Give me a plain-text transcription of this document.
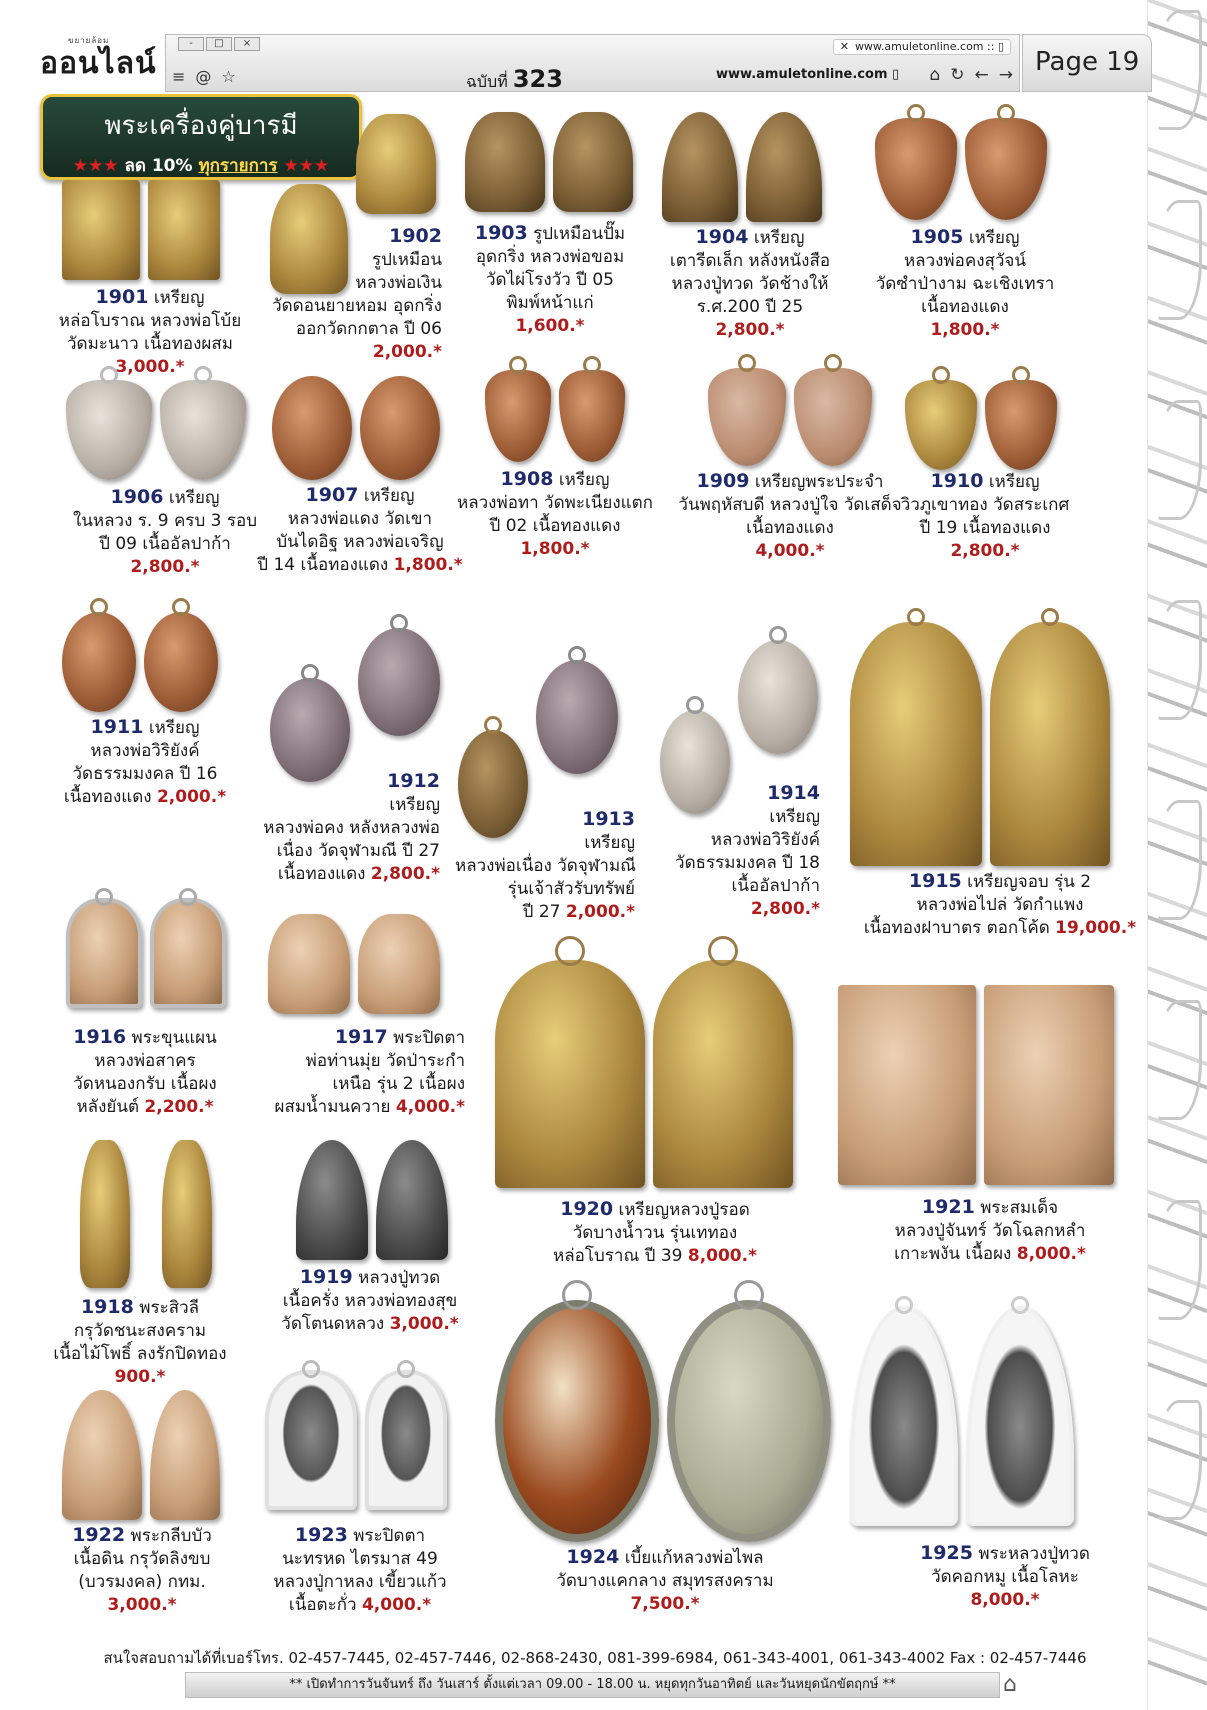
ขยายล้อม
ออนไลน์
-	□	×	✕ www.amuletonline.com :: ▯
≡ @ ☆	ฉบับที่ 323	www.amuletonline.com ▯ ⌂ ↻ ← → Page 19
พระเครื่องคู่บารมี
★★★ ลด 10% ทุกรายการ ★★★
1901 เหรียญ
หล่อโบราณ หลวงพ่อโบ้ย
วัดมะนาว เนื้อทองผสม
3,000.*
1902
รูปเหมือน
หลวงพ่อเงิน
วัดดอนยายหอม อุดกริ่ง
ออกวัดกกตาล ปี 06
2,000.*
1903 รูปเหมือนปั๊ม
อุดกริ่ง หลวงพ่อขอม
วัดไผ่โรงวัว ปี 05
พิมพ์หน้าแก่
1,600.*
1904 เหรียญ
เตารีดเล็ก หลังหนังสือ
หลวงปู่ทวด วัดช้างให้
ร.ศ.200 ปี 25
2,800.*
1905 เหรียญ
หลวงพ่อคงสุวัจน์
วัดซำป่างาม ฉะเชิงเทรา
เนื้อทองแดง
1,800.*
1906 เหรียญ
ในหลวง ร. 9 ครบ 3 รอบ
ปี 09 เนื้ออัลปาก้า
2,800.*
1907 เหรียญ
หลวงพ่อแดง วัดเขา
บันไดอิฐ หลวงพ่อเจริญ
ปี 14 เนื้อทองแดง 1,800.*
1908 เหรียญ
หลวงพ่อทา วัดพะเนียงแตก
ปี 02 เนื้อทองแดง
1,800.*
1909 เหรียญพระประจำ
วันพฤหัสบดี หลวงปู่ใจ วัดเสด็จ
เนื้อทองแดง
4,000.*
1910 เหรียญ
วิวภูเขาทอง วัดสระเกศ
ปี 19 เนื้อทองแดง
2,800.*
1911 เหรียญ
หลวงพ่อวิริยังค์
วัดธรรมมงคล ปี 16
เนื้อทองแดง 2,000.*
1912
เหรียญ
หลวงพ่อคง หลังหลวงพ่อ
เนื่อง วัดจุฬามณี ปี 27
เนื้อทองแดง 2,800.*
1913
เหรียญ
หลวงพ่อเนื่อง วัดจุฬามณี
รุ่นเจ้าสัวรับทรัพย์
ปี 27 2,000.*
1914
เหรียญ
หลวงพ่อวิริยังค์
วัดธรรมมงคล ปี 18
เนื้ออัลปาก้า
2,800.*
1915 เหรียญจอบ รุ่น 2
หลวงพ่อไปล่ วัดกำแพง
เนื้อทองฝาบาตร ตอกโค้ด 19,000.*
1916 พระขุนแผน
หลวงพ่อสาคร
วัดหนองกรับ เนื้อผง
หลังยันต์ 2,200.*
1917 พระปิดตา
พ่อท่านมุ่ย วัดป่าระกำ
เหนือ รุ่น 2 เนื้อผง
ผสมน้ำมนควาย 4,000.*
1918 พระสิวลี
กรุวัดชนะสงคราม
เนื้อไม้โพธิ์ ลงรักปิดทอง
900.*
1919 หลวงปู่ทวด
เนื้อครั่ง หลวงพ่อทองสุข
วัดโตนดหลวง 3,000.*
1920 เหรียญหลวงปู่รอด
วัดบางน้ำวน รุ่นเททอง
หล่อโบราณ ปี 39 8,000.*
1921 พระสมเด็จ
หลวงปู่จันทร์ วัดโฉลกหลำ
เกาะพงัน เนื้อผง 8,000.*
1922 พระกลีบบัว
เนื้อดิน กรุวัดลิงขบ
(บวรมงคล) กทม.
3,000.*
1923 พระปิดตา
นะทรหด ไตรมาส 49
หลวงปู่กาหลง เขี้ยวแก้ว
เนื้อตะกั่ว 4,000.*
1924 เบี้ยแก้หลวงพ่อไพล
วัดบางแคกลาง สมุทรสงคราม
7,500.*
1925 พระหลวงปู่ทวด
วัดคอกหมู เนื้อโลหะ
8,000.*
สนใจสอบถามได้ที่เบอร์โทร. 02-457-7445, 02-457-7446, 02-868-2430, 081-399-6984, 061-343-4001, 061-343-4002 Fax : 02-457-7446
** เปิดทำการวันจันทร์ ถึง วันเสาร์ ตั้งแต่เวลา 09.00 - 18.00 น. หยุดทุกวันอาทิตย์ และวันหยุดนักขัตฤกษ์ **	⌂
